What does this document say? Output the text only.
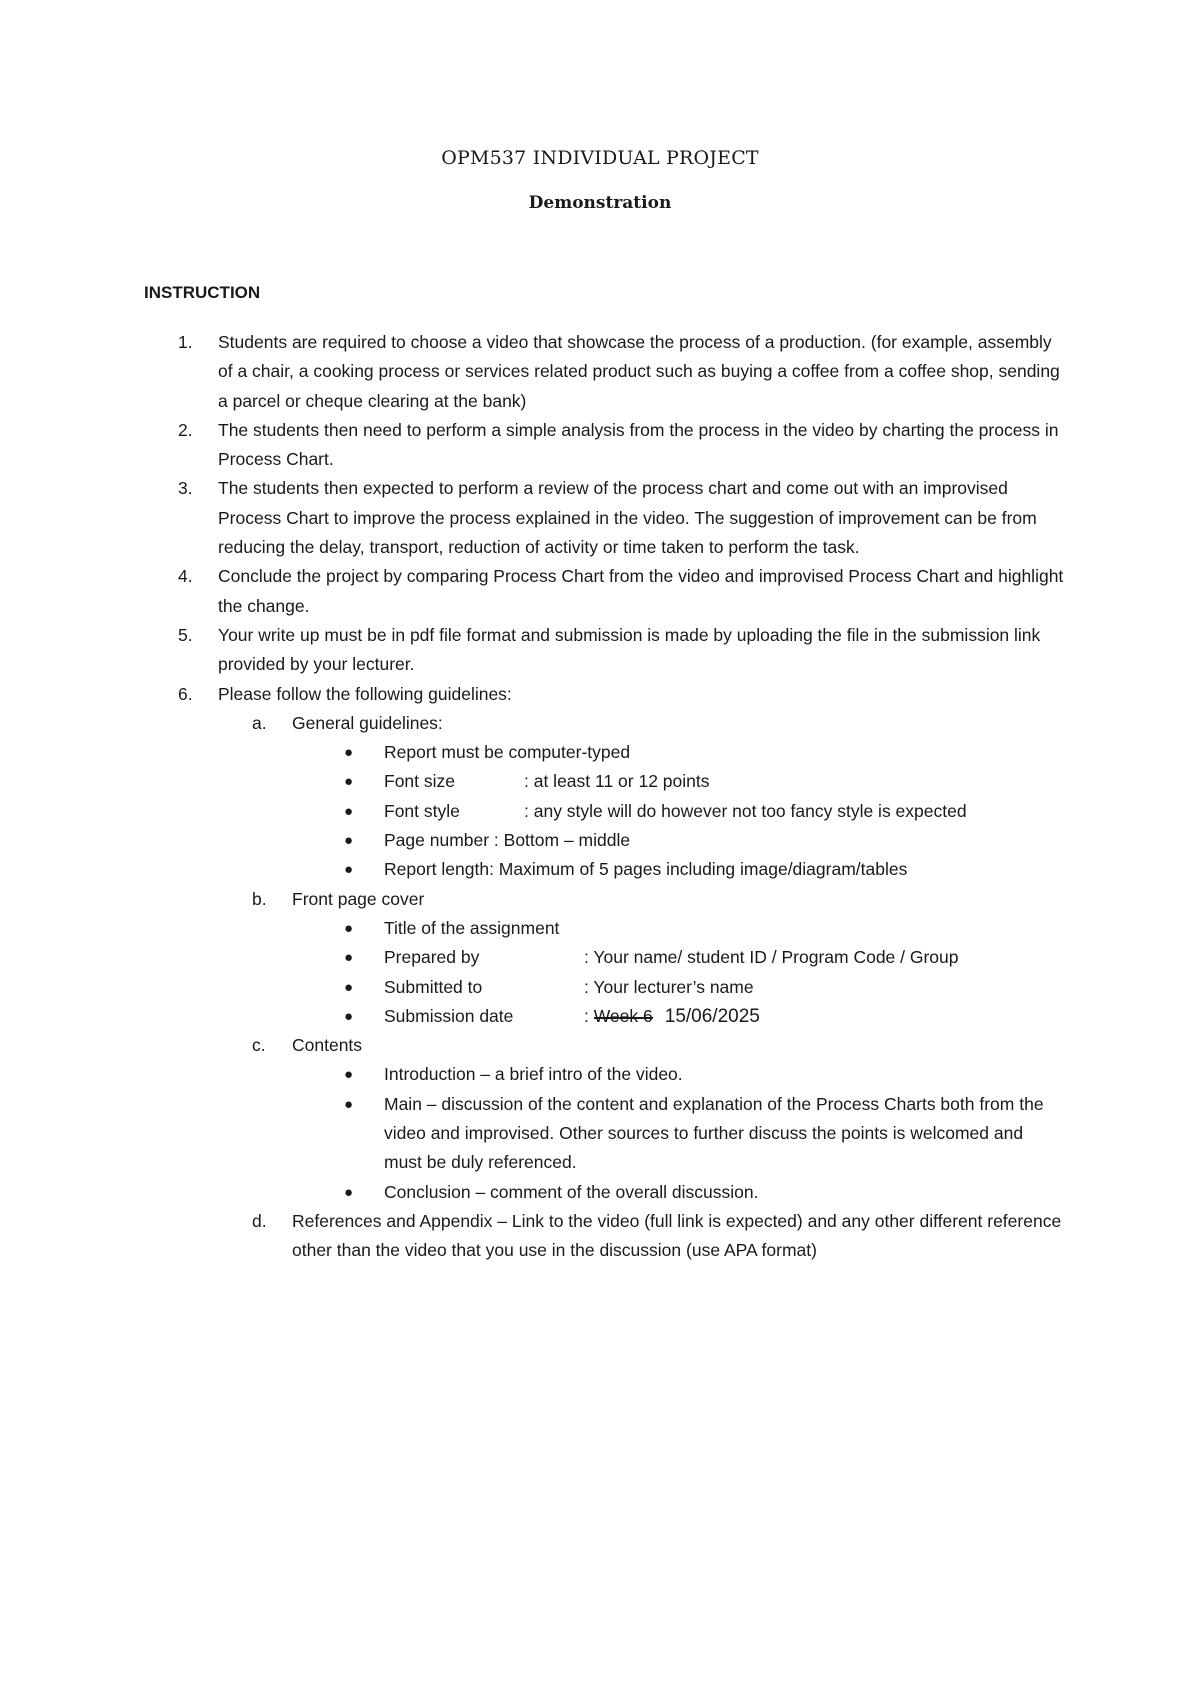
OPM537 INDIVIDUAL PROJECT
Demonstration
INSTRUCTION
1. Students are required to choose a video that showcase the process of a production. (for example, assembly of a chair, a cooking process or services related product such as buying a coffee from a coffee shop, sending a parcel or cheque clearing at the bank)
2. The students then need to perform a simple analysis from the process in the video by charting the process in Process Chart.
3. The students then expected to perform a review of the process chart and come out with an improvised Process Chart to improve the process explained in the video. The suggestion of improvement can be from reducing the delay, transport, reduction of activity or time taken to perform the task.
4. Conclude the project by comparing Process Chart from the video and improvised Process Chart and highlight the change.
5. Your write up must be in pdf file format and submission is made by uploading the file in the submission link provided by your lecturer.
6. Please follow the following guidelines:
a. General guidelines:
● Report must be computer-typed
● Font size	: at least 11 or 12 points
● Font style	: any style will do however not too fancy style is expected
● Page number : Bottom – middle
● Report length: Maximum of 5 pages including image/diagram/tables
b. Front page cover
● Title of the assignment
● Prepared by	: Your name/ student ID / Program Code / Group
● Submitted to	: Your lecturer’s name
● Submission date	: Week 6 15/06/2025
c. Contents
● Introduction – a brief intro of the video.
● Main – discussion of the content and explanation of the Process Charts both from the video and improvised. Other sources to further discuss the points is welcomed and must be duly referenced.
● Conclusion – comment of the overall discussion.
d. References and Appendix – Link to the video (full link is expected) and any other different reference other than the video that you use in the discussion (use APA format)
